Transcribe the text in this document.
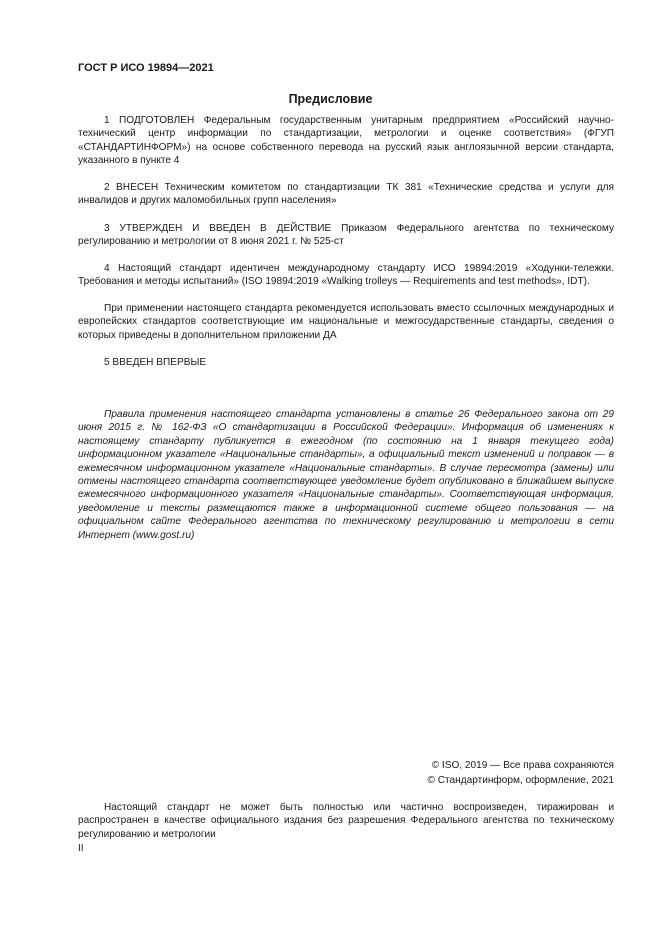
ГОСТ Р ИСО 19894—2021
Предисловие

1 ПОДГОТОВЛЕН Федеральным государственным унитарным предприятием «Российский научно-технический центр информации по стандартизации, метрологии и оценке соответствия» (ФГУП «СТАНДАРТИНФОРМ») на основе собственного перевода на русский язык англоязычной версии стандарта, указанного в пункте 4

2 ВНЕСЕН Техническим комитетом по стандартизации ТК 381 «Технические средства и услуги для инвалидов и других маломобильных групп населения»

3 УТВЕРЖДЕН И ВВЕДЕН В ДЕЙСТВИЕ Приказом Федерального агентства по техническому регулированию и метрологии от 8 июня 2021 г. № 525-ст

4 Настоящий стандарт идентичен международному стандарту ИСО 19894:2019 «Ходунки-тележки. Требования и методы испытаний» (ISO 19894:2019 «Walking trolleys — Requirements and test methods», IDT).

При применении настоящего стандарта рекомендуется использовать вместо ссылочных международных и европейских стандартов соответствующие им национальные и межгосударственные стандарты, сведения о которых приведены в дополнительном приложении ДА

5 ВВЕДЕН ВПЕРВЫЕ

Правила применения настоящего стандарта установлены в статье 26 Федерального закона от 29 июня 2015 г. № 162-ФЗ «О стандартизации в Российской Федерации». Информация об изменениях к настоящему стандарту публикуется в ежегодном (по состоянию на 1 января текущего года) информационном указателе «Национальные стандарты», а официальный текст изменений и поправок — в ежемесячном информационном указателе «Национальные стандарты». В случае пересмотра (замены) или отмены настоящего стандарта соответствующее уведомление будет опубликовано в ближайшем выпуске ежемесячного информационного указателя «Национальные стандарты». Соответствующая информация, уведомление и тексты размещаются также в информационной системе общего пользования — на официальном сайте Федерального агентства по техническому регулированию и метрологии в сети Интернет (www.gost.ru)

© ISO, 2019 — Все права сохраняются
© Стандартинформ, оформление, 2021

Настоящий стандарт не может быть полностью или частично воспроизведен, тиражирован и распространен в качестве официального издания без разрешения Федерального агентства по техническому регулированию и метрологии

II
